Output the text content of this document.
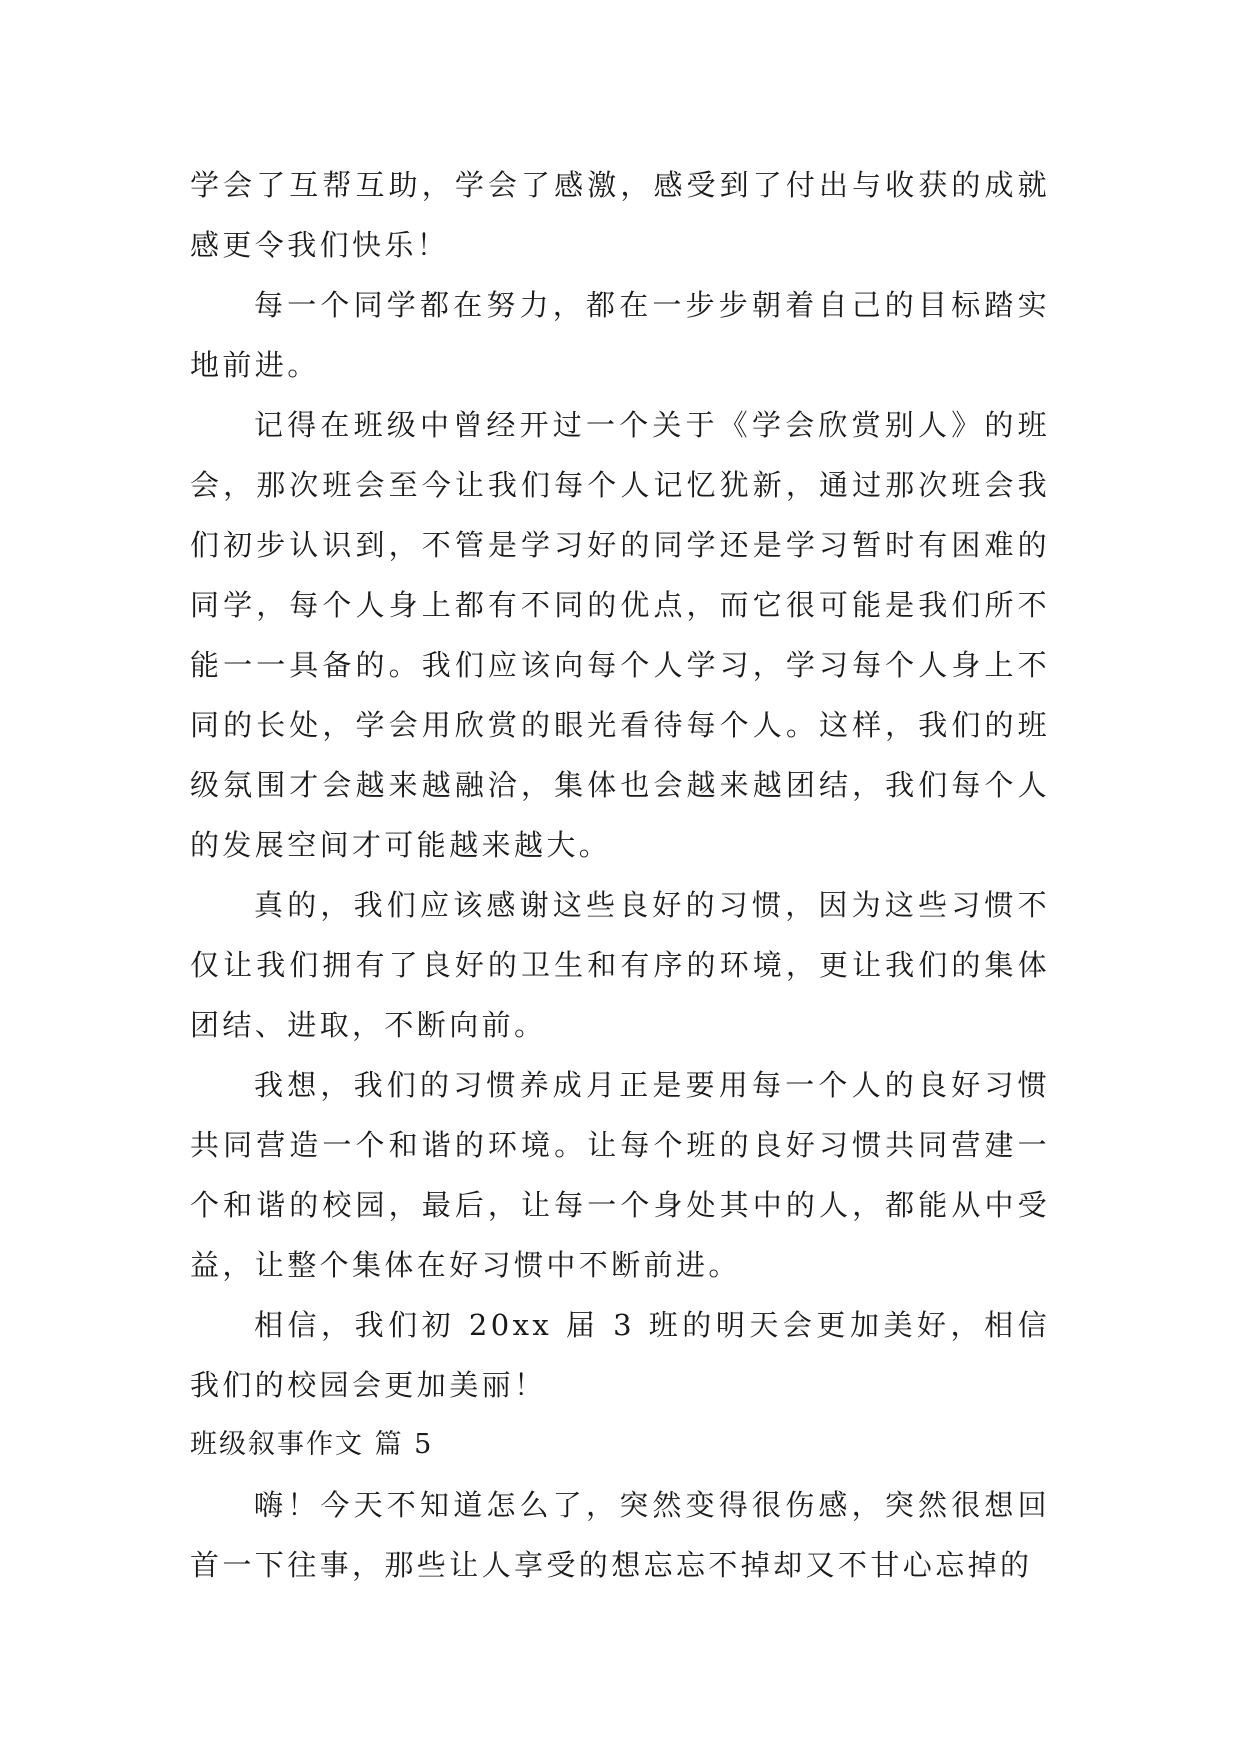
学会了互帮互助，学会了感激，感受到了付出与收获的成就感更令我们快乐！

每一个同学都在努力，都在一步步朝着自己的目标踏实地前进。

记得在班级中曾经开过一个关于《学会欣赏别人》的班会，那次班会至今让我们每个人记忆犹新，通过那次班会我们初步认识到，不管是学习好的同学还是学习暂时有困难的同学，每个人身上都有不同的优点，而它很可能是我们所不能一一具备的。我们应该向每个人学习，学习每个人身上不同的长处，学会用欣赏的眼光看待每个人。这样，我们的班级氛围才会越来越融洽，集体也会越来越团结，我们每个人的发展空间才可能越来越大。

真的，我们应该感谢这些良好的习惯，因为这些习惯不仅让我们拥有了良好的卫生和有序的环境，更让我们的集体团结、进取，不断向前。

我想，我们的习惯养成月正是要用每一个人的良好习惯共同营造一个和谐的环境。让每个班的良好习惯共同营建一个和谐的校园，最后，让每一个身处其中的人，都能从中受益，让整个集体在好习惯中不断前进。

相信，我们初 20xx 届 3 班的明天会更加美好，相信我们的校园会更加美丽！

班级叙事作文 篇 5

嗨！今天不知道怎么了，突然变得很伤感，突然很想回首一下往事，那些让人享受的想忘忘不掉却又不甘心忘掉的
